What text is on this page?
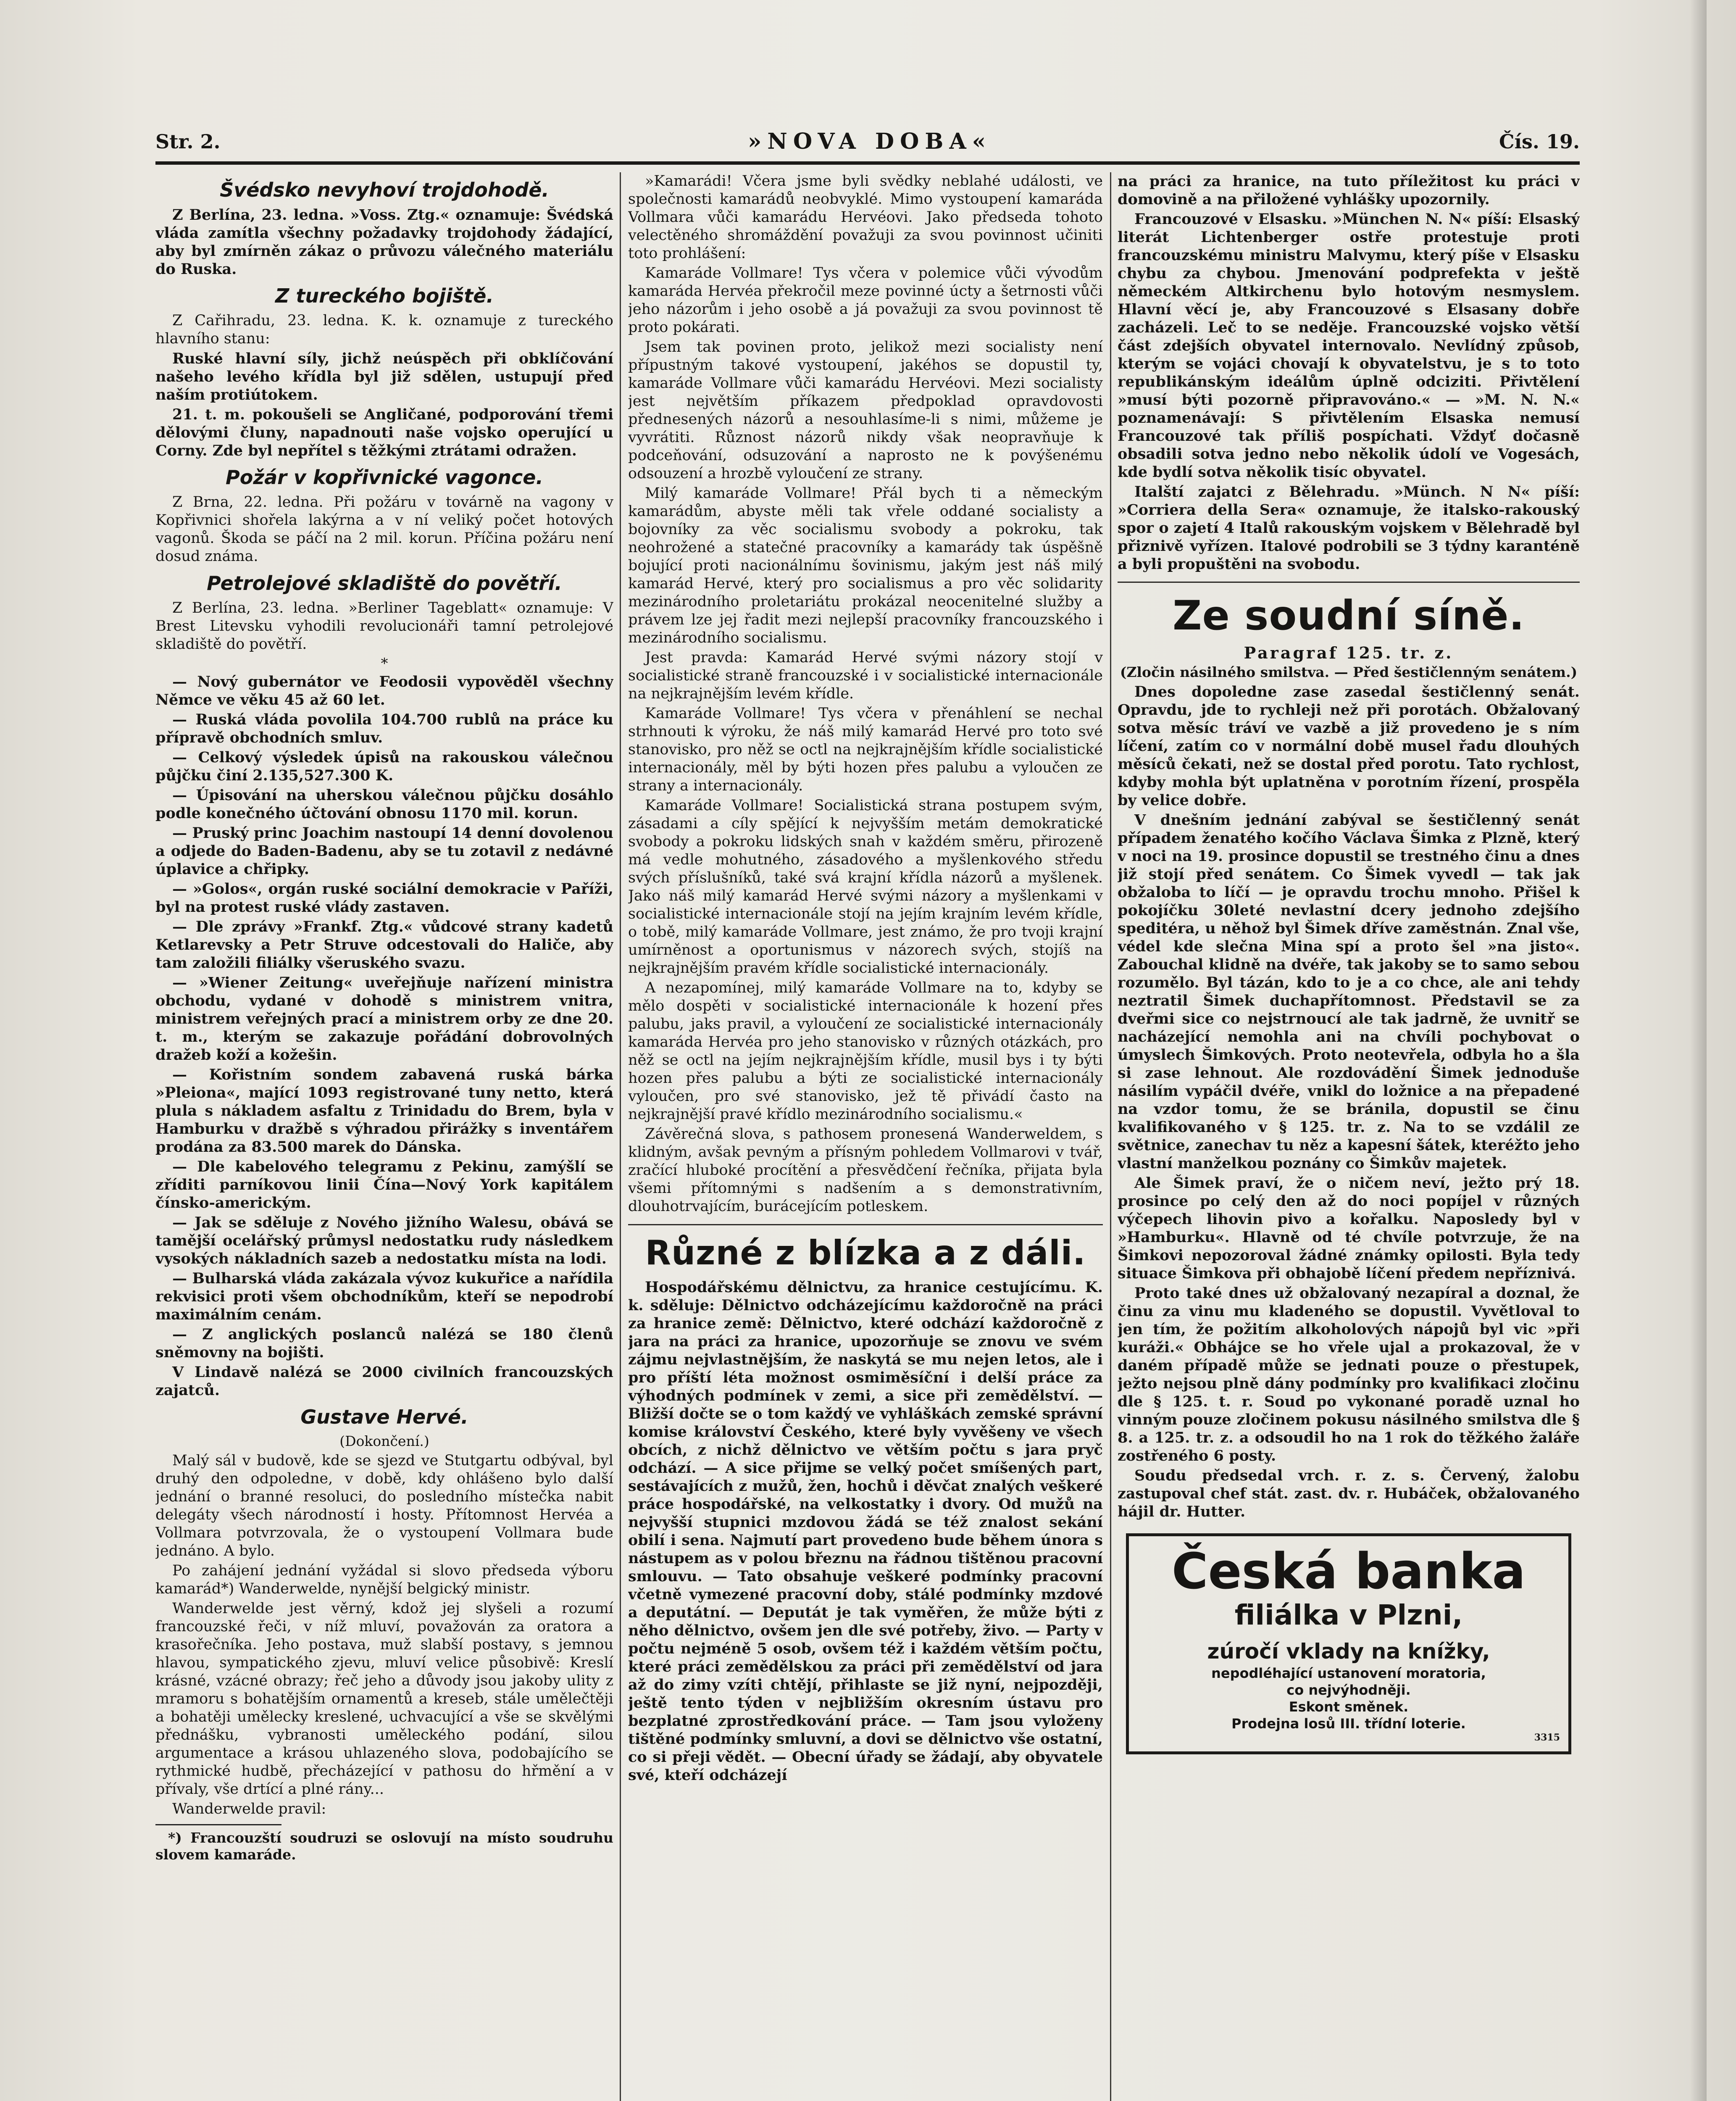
Str. 2.	»NOVA DOBA«	Čís. 19.
Švédsko nevyhoví trojdohodě.

Z Berlína, 23. ledna. »Voss. Ztg.« oznamuje: Švédská vláda zamítla všechny požadavky trojdohody žádající, aby byl zmírněn zákaz o průvozu válečného materiálu do Ruska.

Z tureckého bojiště.

Z Cařihradu, 23. ledna. K. k. oznamuje z tureckého hlavního stanu:

Ruské hlavní síly, jichž neúspěch při obklíčování našeho levého křídla byl již sdělen, ustupují před naším protiútokem.

21. t. m. pokoušeli se Angličané, podporování třemi dělovými čluny, napadnouti naše vojsko operující u Corny. Zde byl nepřítel s těžkými ztrátami odražen.

Požár v kopřivnické vagonce.

Z Brna, 22. ledna. Při požáru v továrně na vagony v Kopřivnici shořela lakýrna a v ní veliký počet hotových vagonů. Škoda se páčí na 2 mil. korun. Příčina požáru není dosud známa.

Petrolejové skladiště do povětří.

Z Berlína, 23. ledna. »Berliner Tageblatt« oznamuje: V Brest Litevsku vyhodili revolucionáři tamní petrolejové skladiště do povětří.

*

— Nový gubernátor ve Feodosii vypověděl všechny Němce ve věku 45 až 60 let.

— Ruská vláda povolila 104.700 rublů na práce ku přípravě obchodních smluv.

— Celkový výsledek úpisů na rakouskou válečnou půjčku činí 2.135,527.300 K.

— Úpisování na uherskou válečnou půjčku dosáhlo podle konečného účtování obnosu 1170 mil. korun.

— Pruský princ Joachim nastoupí 14 denní dovolenou a odjede do Baden-Badenu, aby se tu zotavil z nedávné úplavice a chřipky.

— »Golos«, orgán ruské sociální demokracie v Paříži, byl na protest ruské vlády zastaven.

— Dle zprávy »Frankf. Ztg.« vůdcové strany kadetů Ketlarevsky a Petr Struve odcestovali do Haliče, aby tam založili filiálky všeruského svazu.

— »Wiener Zeitung« uveřejňuje nařízení ministra obchodu, vydané v dohodě s ministrem vnitra, ministrem veřejných prací a ministrem orby ze dne 20. t. m., kterým se zakazuje pořádání dobrovolných dražeb koží a kožešin.

— Kořistním sondem zabavená ruská bárka »Pleiona«, mající 1093 registrované tuny netto, která plula s nákladem asfaltu z Trinidadu do Brem, byla v Hamburku v dražbě s výhradou přirážky s inventářem prodána za 83.500 marek do Dánska.

— Dle kabelového telegramu z Pekinu, zamýšlí se zříditi parníkovou linii Čína—Nový York kapitálem čínsko-americkým.

— Jak se sděluje z Nového jižního Walesu, obává se tamější ocelářský průmysl nedostatku rudy následkem vysokých nákladních sazeb a nedostatku místa na lodi.

— Bulharská vláda zakázala vývoz kukuřice a nařídila rekvisici proti všem obchodníkům, kteří se nepodrobí maximálním cenám.

— Z anglických poslanců nalézá se 180 členů sněmovny na bojišti.

V Lindavě nalézá se 2000 civilních francouzských zajatců.

Gustave Hervé.
(Dokončení.)

Malý sál v budově, kde se sjezd ve Stutgartu odbýval, byl druhý den odpoledne, v době, kdy ohlášeno bylo další jednání o branné resoluci, do posledního místečka nabit delegáty všech národností i hosty. Přítomnost Hervéa a Vollmara potvrzovala, že o vystoupení Vollmara bude jednáno. A bylo.

Po zahájení jednání vyžádal si slovo předseda výboru kamarád*) Wanderwelde, nynější belgický ministr.

Wanderwelde jest věrný, kdož jej slyšeli a rozumí francouzské řeči, v níž mluví, považován za oratora a krasořečníka. Jeho postava, muž slabší postavy, s jemnou hlavou, sympatického zjevu, mluví velice působivě: Kreslí krásné, vzácné obrazy; řeč jeho a důvody jsou jakoby ulity z mramoru s bohatějším ornamentů a kreseb, stále umělečtěji a bohatěji umělecky kreslené, uchvacující a vše se skvělými přednášku, vybranosti uměleckého podání, silou argumentace a krásou uhlazeného slova, podobajícího se rythmické hudbě, přecházející v pathosu do hřmění a v přívaly, vše drtící a plné rány...

Wanderwelde pravil:

*) Francouzští soudruzi se oslovují na místo soudruhu slovem kamaráde.

»Kamarádi! Včera jsme byli svědky neblahé události, ve společnosti kamarádů neobvyklé. Mimo vystoupení kamaráda Vollmara vůči kamarádu Hervéovi. Jako předseda tohoto velectěného shromáždění považuji za svou povinnost učiniti toto prohlášení:

Kamaráde Vollmare! Tys včera v polemice vůči vývodům kamaráda Hervéa překročil meze povinné úcty a šetrnosti vůči jeho názorům i jeho osobě a já považuji za svou povinnost tě proto pokárati.

Jsem tak povinen proto, jelikož mezi socialisty není přípustným takové vystoupení, jakéhos se dopustil ty, kamaráde Vollmare vůči kamarádu Hervéovi. Mezi socialisty jest největším příkazem předpoklad opravdovosti přednesených názorů a nesouhlasíme-li s nimi, můžeme je vyvrátiti. Různost názorů nikdy však neopravňuje k podceňování, odsuzování a naprosto ne k povýšenému odsouzení a hrozbě vyloučení ze strany.

Milý kamaráde Vollmare! Přál bych ti a německým kamarádům, abyste měli tak vřele oddané socialisty a bojovníky za věc socialismu svobody a pokroku, tak neohrožené a statečné pracovníky a kamarády tak úspěšně bojující proti nacionálnímu šovinismu, jakým jest náš milý kamarád Hervé, který pro socialismus a pro věc solidarity mezinárodního proletariátu prokázal neocenitelné služby a právem lze jej řadit mezi nejlepší pracovníky francouzského i mezinárodního socialismu.

Jest pravda: Kamarád Hervé svými názory stojí v socialistické straně francouzské i v socialistické internacionále na nejkrajnějším levém křídle.

Kamaráde Vollmare! Tys včera v přenáhlení se nechal strhnouti k výroku, že náš milý kamarád Hervé pro toto své stanovisko, pro něž se octl na nejkrajnějším křídle socialistické internacionály, měl by býti hozen přes palubu a vyloučen ze strany a internacionály.

Kamaráde Vollmare! Socialistická strana postupem svým, zásadami a cíly spějící k nejvyšším metám demokratické svobody a pokroku lidských snah v každém směru, přirozeně má vedle mohutného, zásadového a myšlenkového středu svých příslušníků, také svá krajní křídla názorů a myšlenek. Jako náš milý kamarád Hervé svými názory a myšlenkami v socialistické internacionále stojí na jejím krajním levém křídle, o tobě, milý kamaráde Vollmare, jest známo, že pro tvoji krajní umírněnost a oportunismus v názorech svých, stojíš na nejkrajnějším pravém křídle socialistické internacionály.

A nezapomínej, milý kamaráde Vollmare na to, kdyby se mělo dospěti v socialistické internacionále k hození přes palubu, jaks pravil, a vyloučení ze socialistické internacionály kamaráda Hervéa pro jeho stanovisko v různých otázkách, pro něž se octl na jejím nejkrajnějším křídle, musil bys i ty býti hozen přes palubu a býti ze socialistické internacionály vyloučen, pro své stanovisko, jež tě přivádí často na nejkrajnější pravé křídlo mezinárodního socialismu.«

Závěrečná slova, s pathosem pronesená Wanderweldem, s klidným, avšak pevným a přísným pohledem Vollmarovi v tvář, zračící hluboké procítění a přesvědčení řečníka, přijata byla všemi přítomnými s nadšením a s demonstrativním, dlouhotrvajícím, burácejícím potleskem.

Různé z blízka a z dáli.

Hospodářskému dělnictvu, za hranice cestujícímu. K. k. sděluje: Dělnictvo odcházejícímu každoročně na práci za hranice země: Dělnictvo, které odchází každoročně z jara na práci za hranice, upozorňuje se znovu ve svém zájmu nejvlastnějším, že naskytá se mu nejen letos, ale i pro příští léta možnost osmiměsíční i delší práce za výhodných podmínek v zemi, a sice při zemědělství. — Bližší dočte se o tom každý ve vyhláškách zemské správní komise království Českého, které byly vyvěšeny ve všech obcích, z nichž dělnictvo ve větším počtu s jara pryč odchází. — A sice přijme se velký počet smíšených part, sestávajících z mužů, žen, hochů i děvčat znalých veškeré práce hospodářské, na velkostatky i dvory. Od mužů na nejvyšší stupnici mzdovou žádá se též znalost sekání obilí i sena. Najmutí part provedeno bude během února s nástupem as v polou březnu na řádnou tištěnou pracovní smlouvu. — Tato obsahuje veškeré podmínky pracovní včetně vymezené pracovní doby, stálé podmínky mzdové a deputátní. — Deputát je tak vyměřen, že může býti z něho dělnictvo, ovšem jen dle své potřeby, živo. — Party v počtu nejméně 5 osob, ovšem též i každém větším počtu, které práci zemědělskou za práci při zemědělství od jara až do zimy vzíti chtějí, přihlaste se již nyní, nejpozději, ještě tento týden v nejbližším okresním ústavu pro bezplatné zprostředkování práce. — Tam jsou vyloženy tištěné podmínky smluvní, a dovi se dělnictvo vše ostatní, co si přeji vědět. — Obecní úřady se žádají, aby obyvatele své, kteří odcházejí

na práci za hranice, na tuto příležitost ku práci v domovině a na přiložené vyhlášky upozornily.

Francouzové v Elsasku. »München N. N« píší: Elsaský literát Lichtenberger ostře protestuje proti francouzskému ministru Malvymu, který píše v Elsasku chybu za chybou. Jmenování podprefekta v ještě německém Altkirchenu bylo hotovým nesmyslem. Hlavní věcí je, aby Francouzové s Elsasany dobře zacházeli. Leč to se neděje. Francouzské vojsko větší část zdejších obyvatel internovalo. Nevlídný způsob, kterým se vojáci chovají k obyvatelstvu, je s to toto republikánským ideálům úplně odciziti. Přivtělení »musí býti pozorně připravováno.« — »M. N. N.« poznamenávají: S přivtělením Elsaska nemusí Francouzové tak příliš pospíchati. Vždyť dočasně obsadili sotva jedno nebo několik údolí ve Vogesách, kde bydlí sotva několik tisíc obyvatel.

Italští zajatci z Bělehradu. »Münch. N N« píší: »Corriera della Sera« oznamuje, že italsko-rakouský spor o zajetí 4 Italů rakouským vojskem v Bělehradě byl přiznivě vyřízen. Italové podrobili se 3 týdny karanténě a byli propuštěni na svobodu.

Ze soudní síně.
Paragraf 125. tr. z.
(Zločin násilného smilstva. — Před šestičlenným senátem.)

Dnes dopoledne zase zasedal šestičlenný senát. Opravdu, jde to rychleji než při porotách. Obžalovaný sotva měsíc tráví ve vazbě a již provedeno je s ním líčení, zatím co v normální době musel řadu dlouhých měsíců čekati, než se dostal před porotu. Tato rychlost, kdyby mohla být uplatněna v porotním řízení, prospěla by velice dobře.

V dnešním jednání zabýval se šestičlenný senát případem ženatého kočího Václava Šimka z Plzně, který v noci na 19. prosince dopustil se trestného činu a dnes již stojí před senátem. Co Šimek vyvedl — tak jak obžaloba to líčí — je opravdu trochu mnoho. Přišel k pokojíčku 30leté nevlastní dcery jednoho zdejšího speditéra, u něhož byl Šimek dříve zaměstnán. Znal vše, védel kde slečna Mina spí a proto šel »na jisto«. Zabouchal klidně na dvéře, tak jakoby se to samo sebou rozumělo. Byl tázán, kdo to je a co chce, ale ani tehdy neztratil Šimek duchapřítomnost. Představil se za dveřmi sice co nejstrnoucí ale tak jadrně, že uvnitř se nacházející nemohla ani na chvíli pochybovat o úmyslech Šimkových. Proto neotevřela, odbyla ho a šla si zase lehnout. Ale rozdovádění Šimek jednoduše násilím vypáčil dvéře, vnikl do ložnice a na přepadené na vzdor tomu, že se bránila, dopustil se činu kvalifikovaného v § 125. tr. z. Na to se vzdálil ze světnice, zanechav tu něz a kapesní šátek, kteréžto jeho vlastní manželkou poznány co Šimkův majetek.

Ale Šimek praví, že o ničem neví, ježto prý 18. prosince po celý den až do noci popíjel v různých výčepech lihovin pivo a kořalku. Naposledy byl v »Hamburku«. Hlavně od té chvíle potvrzuje, že na Šimkovi nepozoroval žádné známky opilosti. Byla tedy situace Šimkova při obhajobě líčení předem nepříznivá.

Proto také dnes už obžalovaný nezapíral a doznal, že činu za vinu mu kladeného se dopustil. Vyvětloval to jen tím, že požitím alkoholových nápojů byl vic »při kuráži.« Obhájce se ho vřele ujal a prokazoval, že v daném případě může se jednati pouze o přestupek, ježto nejsou plně dány podmínky pro kvalifikaci zločinu dle § 125. t. r. Soud po vykonané poradě uznal ho vinným pouze zločinem pokusu násilného smilstva dle § 8. a 125. tr. z. a odsoudil ho na 1 rok do těžkého žaláře zostřeného 6 posty.

Soudu předsedal vrch. r. z. s. Červený, žalobu zastupoval chef stát. zast. dv. r. Hubáček, obžalovaného hájil dr. Hutter.

Česká banka
filiálka v Plzni,
zúročí vklady na knížky,
nepodléhající ustanovení moratoria,
co nejvýhodněji.
Eskont směnek.
Prodejna losů III. třídní loterie.
3315
